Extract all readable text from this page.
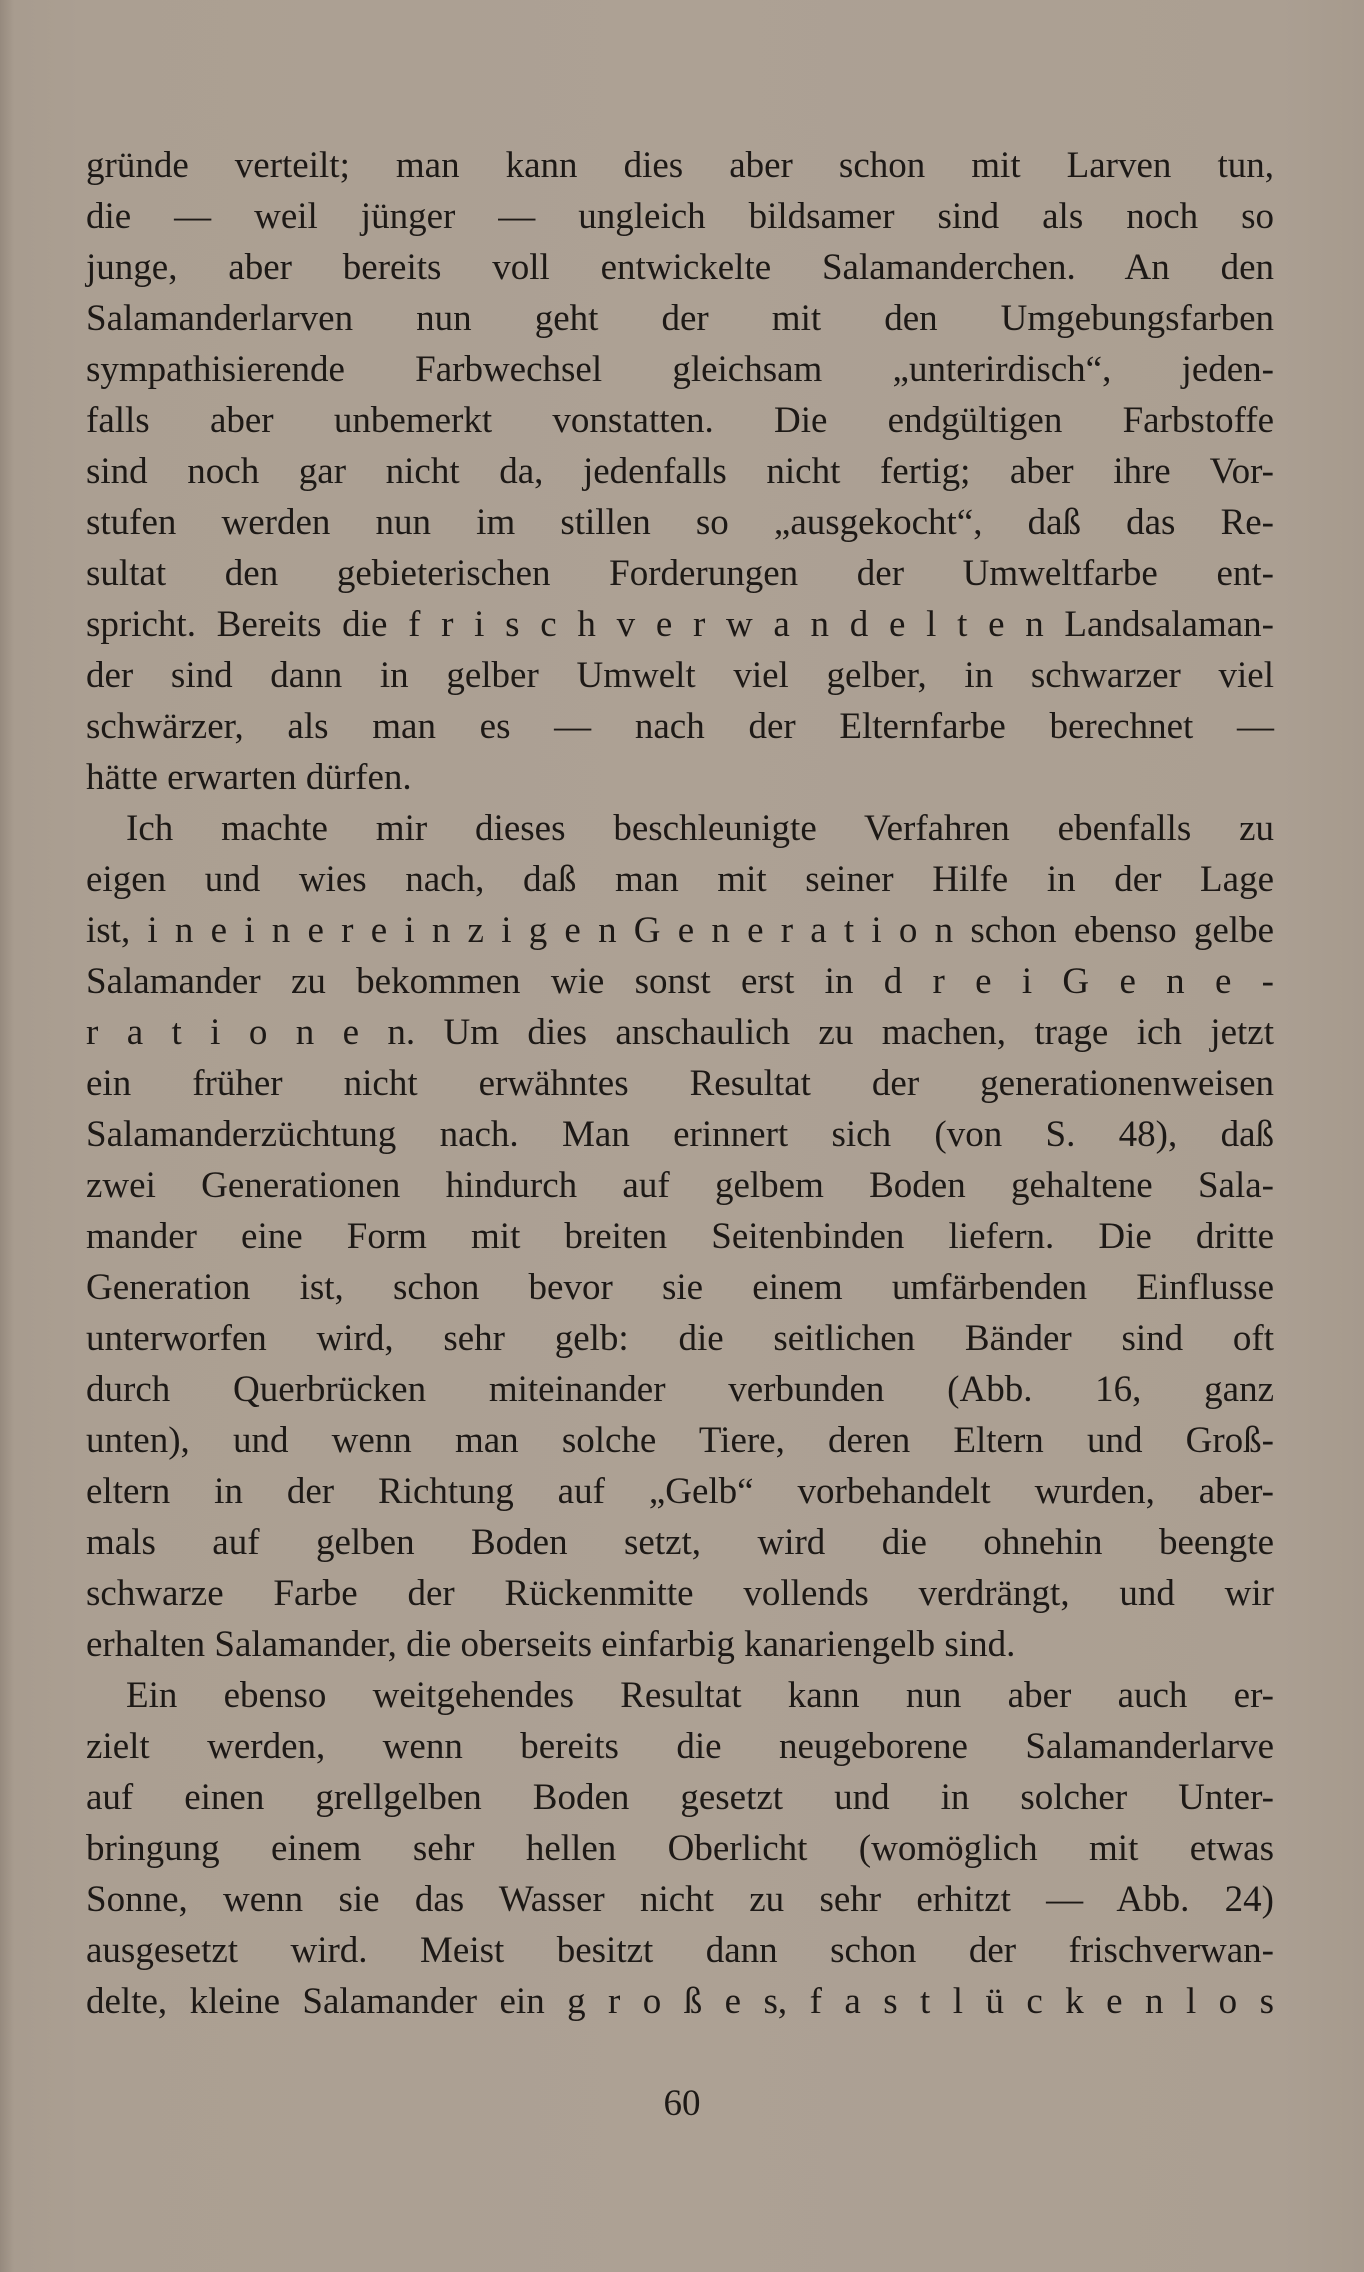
gründe verteilt; man kann dies aber schon mit Larven tun,
die — weil jünger — ungleich bildsamer sind als noch so
junge, aber bereits voll entwickelte Salamanderchen. An den
Salamanderlarven nun geht der mit den Umgebungsfarben
sympathisierende Farbwechsel gleichsam „unterirdisch“, jeden-
falls aber unbemerkt vonstatten. Die endgültigen Farbstoffe
sind noch gar nicht da, jedenfalls nicht fertig; aber ihre Vor-
stufen werden nun im stillen so „ausgekocht“, daß das Re-
sultat den gebieterischen Forderungen der Umweltfarbe ent-
spricht. Bereits die f r i s c h v e r w a n d e l t e n Landsalaman-
der sind dann in gelber Umwelt viel gelber, in schwarzer viel
schwärzer, als man es — nach der Elternfarbe berechnet —
hätte erwarten dürfen.
Ich machte mir dieses beschleunigte Verfahren ebenfalls zu
eigen und wies nach, daß man mit seiner Hilfe in der Lage
ist, i n e i n e r e i n z i g e n G e n e r a t i o n schon ebenso gelbe
Salamander zu bekommen wie sonst erst in d r e i G e n e -
r a t i o n e n. Um dies anschaulich zu machen, trage ich jetzt
ein früher nicht erwähntes Resultat der generationenweisen
Salamanderzüchtung nach. Man erinnert sich (von S. 48), daß
zwei Generationen hindurch auf gelbem Boden gehaltene Sala-
mander eine Form mit breiten Seitenbinden liefern. Die dritte
Generation ist, schon bevor sie einem umfärbenden Einflusse
unterworfen wird, sehr gelb: die seitlichen Bänder sind oft
durch Querbrücken miteinander verbunden (Abb. 16, ganz
unten), und wenn man solche Tiere, deren Eltern und Groß-
eltern in der Richtung auf „Gelb“ vorbehandelt wurden, aber-
mals auf gelben Boden setzt, wird die ohnehin beengte
schwarze Farbe der Rückenmitte vollends verdrängt, und wir
erhalten Salamander, die oberseits einfarbig kanariengelb sind.
Ein ebenso weitgehendes Resultat kann nun aber auch er-
zielt werden, wenn bereits die neugeborene Salamanderlarve
auf einen grellgelben Boden gesetzt und in solcher Unter-
bringung einem sehr hellen Oberlicht (womöglich mit etwas
Sonne, wenn sie das Wasser nicht zu sehr erhitzt — Abb. 24)
ausgesetzt wird. Meist besitzt dann schon der frischverwan-
delte, kleine Salamander ein g r o ß e s, f a s t l ü c k e n l o s
60
